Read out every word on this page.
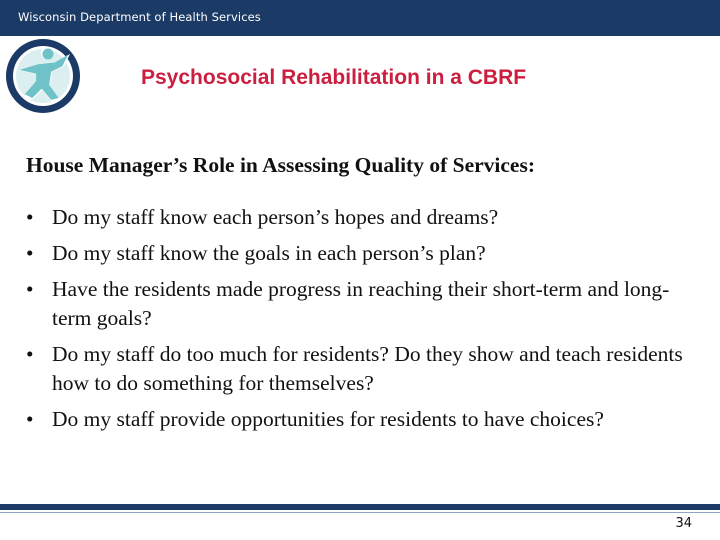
Wisconsin Department of Health Services
Psychosocial Rehabilitation in a CBRF
House Manager’s Role in Assessing Quality of Services:
• Do my staff know each person’s hopes and dreams?
• Do my staff know the goals in each person’s plan?
• Have the residents made progress in reaching their short-term and long-term goals?
• Do my staff do too much for residents? Do they show and teach residents how to do something for themselves?
• Do my staff provide opportunities for residents to have choices?
34
